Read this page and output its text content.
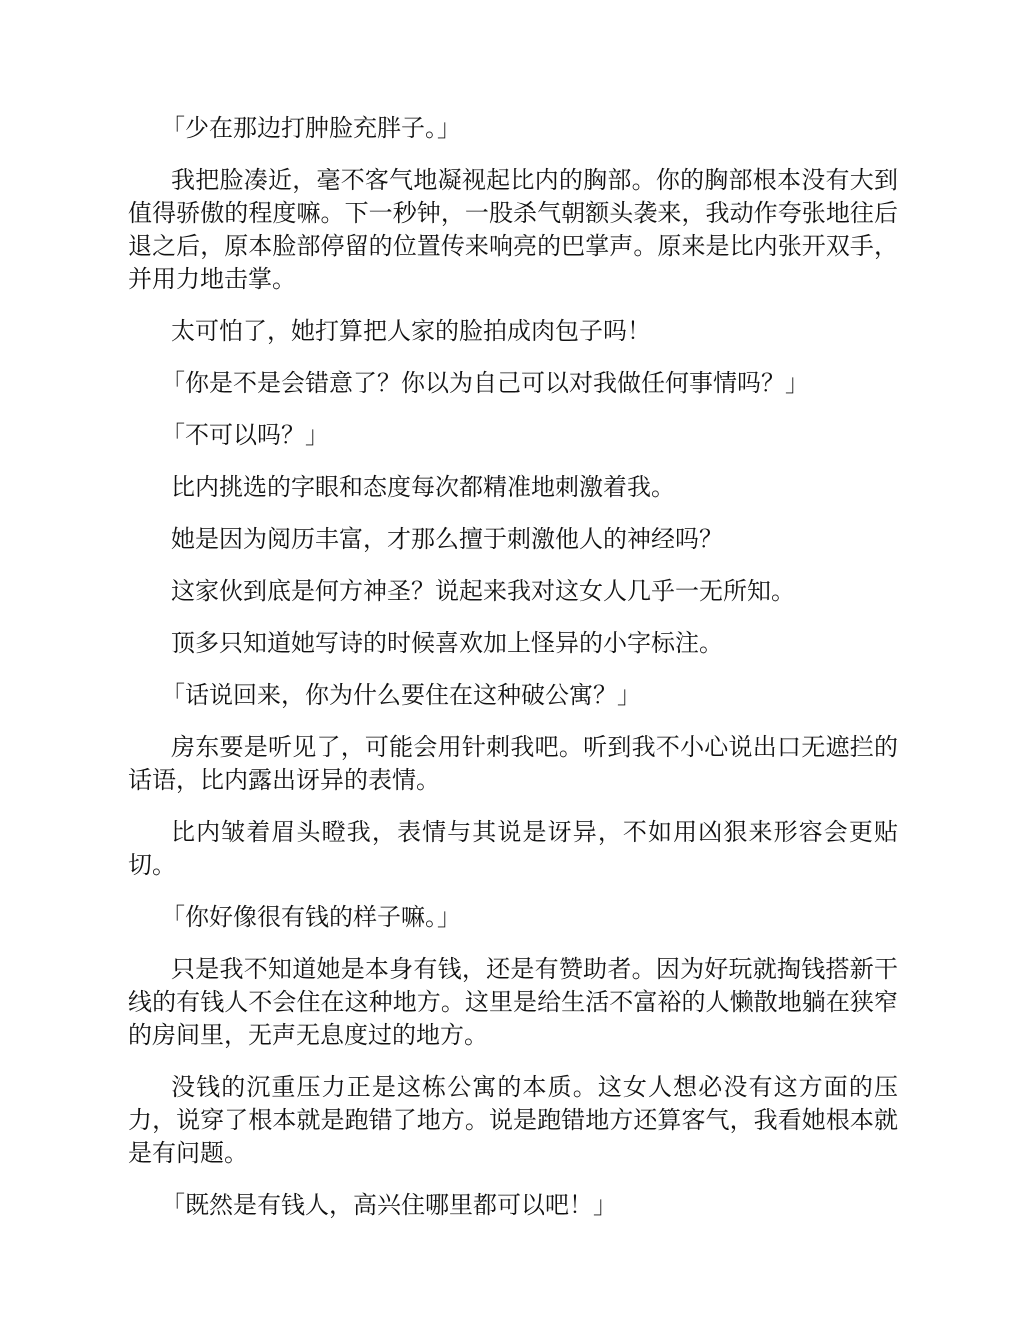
「少在那边打肿脸充胖子。」

我把脸凑近，毫不客气地凝视起比内的胸部。你的胸部根本没有大到值得骄傲的程度嘛。下一秒钟，一股杀气朝额头袭来，我动作夸张地往后退之后，原本脸部停留的位置传来响亮的巴掌声。原来是比内张开双手，并用力地击掌。

太可怕了，她打算把人家的脸拍成肉包子吗！

「你是不是会错意了？你以为自己可以对我做任何事情吗？」

「不可以吗？」

比内挑选的字眼和态度每次都精准地刺激着我。

她是因为阅历丰富，才那么擅于刺激他人的神经吗？

这家伙到底是何方神圣？说起来我对这女人几乎一无所知。

顶多只知道她写诗的时候喜欢加上怪异的小字标注。

「话说回来，你为什么要住在这种破公寓？」

房东要是听见了，可能会用针刺我吧。听到我不小心说出口无遮拦的话语，比内露出讶异的表情。

比内皱着眉头瞪我，表情与其说是讶异，不如用凶狠来形容会更贴切。

「你好像很有钱的样子嘛。」

只是我不知道她是本身有钱，还是有赞助者。因为好玩就掏钱搭新干线的有钱人不会住在这种地方。这里是给生活不富裕的人懒散地躺在狭窄的房间里，无声无息度过的地方。

没钱的沉重压力正是这栋公寓的本质。这女人想必没有这方面的压力，说穿了根本就是跑错了地方。说是跑错地方还算客气，我看她根本就是有问题。

「既然是有钱人，高兴住哪里都可以吧！」
